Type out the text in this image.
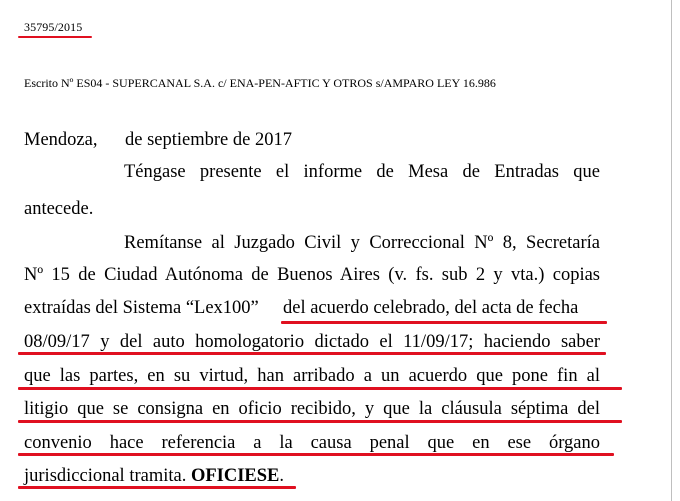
35795/2015
Escrito Nº ES04 - SUPERCANAL S.A. c/ ENA-PEN-AFTIC Y OTROS s/AMPARO LEY 16.986
Mendoza, de septiembre de 2017
Téngase presente el informe de Mesa de Entradas que
antecede.
Remítanse al Juzgado Civil y Correccional Nº 8, Secretaría
Nº 15 de Ciudad Autónoma de Buenos Aires (v. fs. sub 2 y vta.) copias
extraídas del Sistema “Lex100” del acuerdo celebrado, del acta de fecha
08/09/17 y del auto homologatorio dictado el 11/09/17; haciendo saber
que las partes, en su virtud, han arribado a un acuerdo que pone fin al
litigio que se consigna en oficio recibido, y que la cláusula séptima del
convenio hace referencia a la causa penal que en ese órgano
jurisdiccional tramita. OFICIESE.
